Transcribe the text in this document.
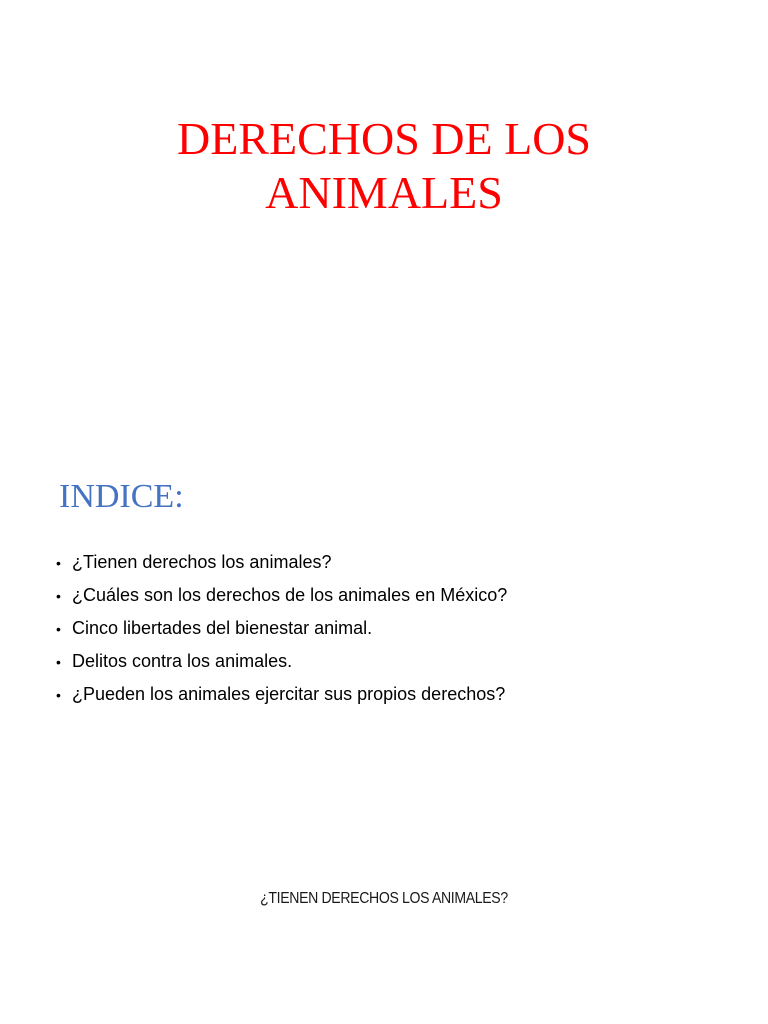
DERECHOS DE LOS
ANIMALES
INDICE:
• ¿Tienen derechos los animales?
• ¿Cuáles son los derechos de los animales en México?
• Cinco libertades del bienestar animal.
• Delitos contra los animales.
• ¿Pueden los animales ejercitar sus propios derechos?
¿TIENEN DERECHOS LOS ANIMALES?
